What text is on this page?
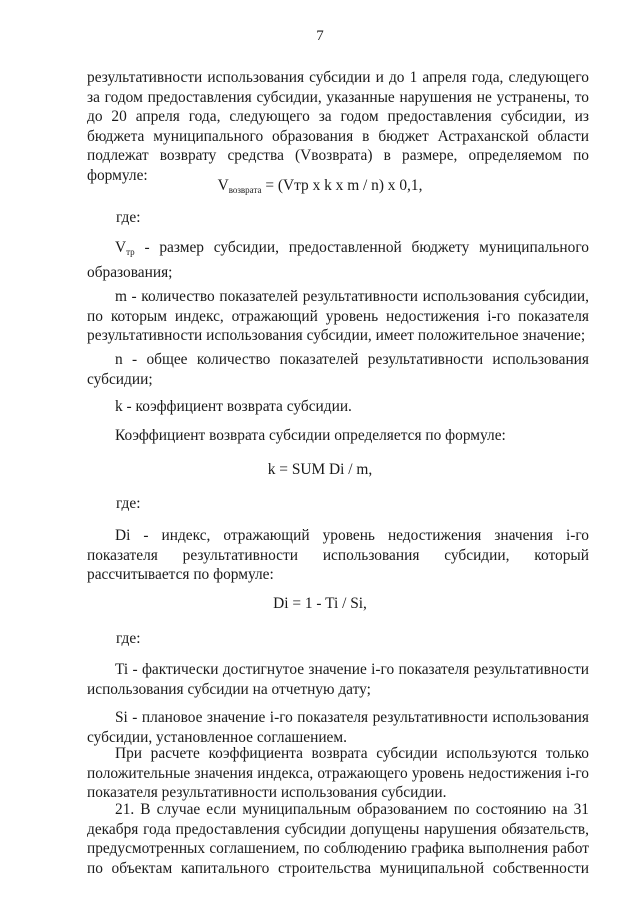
7
результативности использования субсидии и до 1 апреля года, следующего за годом предоставления субсидии, указанные нарушения не устранены, то до 20 апреля года, следующего за годом предоставления субсидии, из бюджета муниципального образования в бюджет Астраханской области подлежат возврату средства (Vвозврата) в размере, определяемом по формуле:
$V_{возврата} = (Vтр$ x k x m / n) x 0,1,
где:
$V_{тр}$ - размер субсидии, предоставленной бюджету муниципального образования;
m - количество показателей результативности использования субсидии, по которым индекс, отражающий уровень недостижения i-го показателя результативности использования субсидии, имеет положительное значение;
n - общее количество показателей результативности использования субсидии;
k - коэффициент возврата субсидии.
Коэффициент возврата субсидии определяется по формуле:
k = SUM Di / m,
где:
Di - индекс, отражающий уровень недостижения значения i-го показателя результативности использования субсидии, который рассчитывается по формуле:
Di = 1 - Ti / Si,
где:
Ti - фактически достигнутое значение i-го показателя результативности использования субсидии на отчетную дату;
Si - плановое значение i-го показателя результативности использования субсидии, установленное соглашением.
При расчете коэффициента возврата субсидии используются только положительные значения индекса, отражающего уровень недостижения i-го показателя результативности использования субсидии.
21. В случае если муниципальным образованием по состоянию на 31 декабря года предоставления субсидии допущены нарушения обязательств, предусмотренных соглашением, по соблюдению графика выполнения работ по объектам капитального строительства муниципальной собственности
